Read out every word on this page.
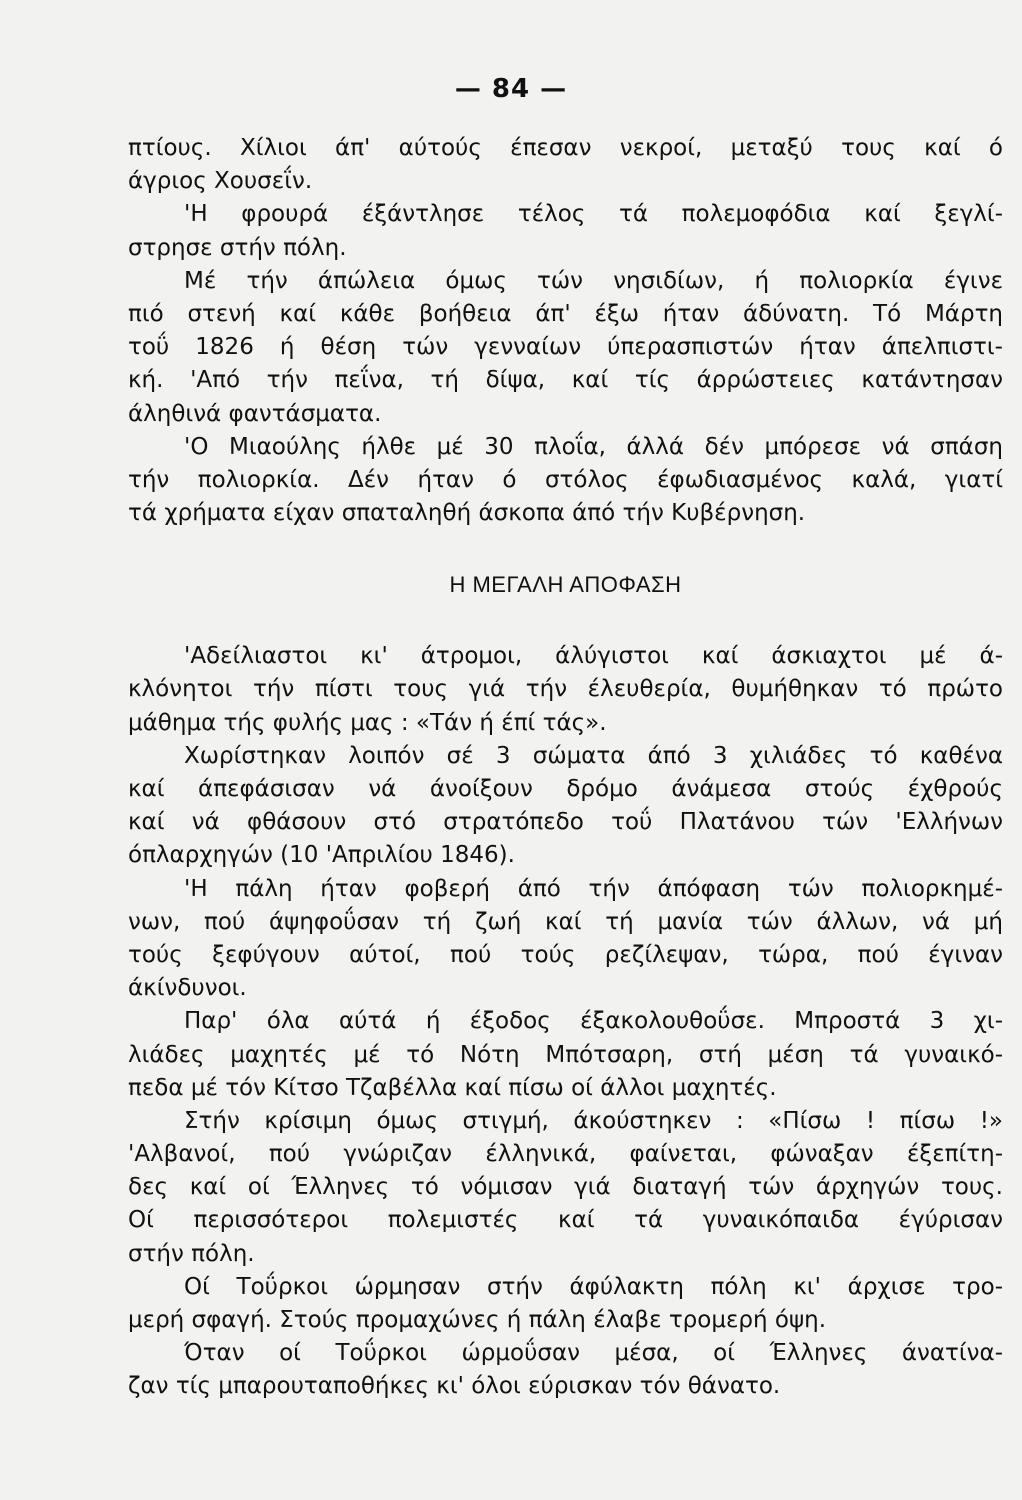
— 84 —
πτίους. Χίλιοι άπ' αύτούς έπεσαν νεκροί, μεταξύ τους καί ό
άγριος Χουσεΐν.
'Η φρουρά έξάντλησε τέλος τά πολεμοφόδια καί ξεγλί-
στρησε στήν πόλη.
Μέ τήν άπώλεια όμως τών νησιδίων, ή πολιορκία έγινε
πιό στενή καί κάθε βοήθεια άπ' έξω ήταν άδύνατη. Τό Μάρτη
τοΰ 1826 ή θέση τών γενναίων ύπερασπιστών ήταν άπελπιστι-
κή. 'Από τήν πεΐνα, τή δίψα, καί τίς άρρώστειες κατάντησαν
άληθινά φαντάσματα.
'Ο Μιαούλης ήλθε μέ 30 πλοΐα, άλλά δέν μπόρεσε νά σπάση
τήν πολιορκία. Δέν ήταν ό στόλος έφωδιασμένος καλά, γιατί
τά χρήματα είχαν σπαταληθή άσκοπα άπό τήν Κυβέρνηση.
Η ΜΕΓΑΛΗ ΑΠΟΦΑΣΗ
'Αδείλιαστοι κι' άτρομοι, άλύγιστοι καί άσκιαχτοι μέ ά-
κλόνητοι τήν πίστι τους γιά τήν έλευθερία, θυμήθηκαν τό πρώτο
μάθημα τής φυλής μας : «Τάν ή έπί τάς».
Χωρίστηκαν λοιπόν σέ 3 σώματα άπό 3 χιλιάδες τό καθένα
καί άπεφάσισαν νά άνοίξουν δρόμο άνάμεσα στούς έχθρούς
καί νά φθάσουν στό στρατόπεδο τοΰ Πλατάνου τών 'Ελλήνων
όπλαρχηγών (10 'Απριλίου 1846).
'Η πάλη ήταν φοβερή άπό τήν άπόφαση τών πολιορκημέ-
νων, πού άψηφοΰσαν τή ζωή καί τή μανία τών άλλων, νά μή
τούς ξεφύγουν αύτοί, πού τούς ρεζίλεψαν, τώρα, πού έγιναν
άκίνδυνοι.
Παρ' όλα αύτά ή έξοδος έξακολουθοΰσε. Μπροστά 3 χι-
λιάδες μαχητές μέ τό Νότη Μπότσαρη, στή μέση τά γυναικό-
πεδα μέ τόν Κίτσο Τζαβέλλα καί πίσω οί άλλοι μαχητές.
Στήν κρίσιμη όμως στιγμή, άκούστηκεν : «Πίσω ! πίσω !»
'Αλβανοί, πού γνώριζαν έλληνικά, φαίνεται, φώναξαν έξεπίτη-
δες καί οί Έλληνες τό νόμισαν γιά διαταγή τών άρχηγών τους.
Οί περισσότεροι πολεμιστές καί τά γυναικόπαιδα έγύρισαν
στήν πόλη.
Οί Τοΰρκοι ώρμησαν στήν άφύλακτη πόλη κι' άρχισε τρο-
μερή σφαγή. Στούς προμαχώνες ή πάλη έλαβε τρομερή όψη.
Όταν οί Τοΰρκοι ώρμοΰσαν μέσα, οί Έλληνες άνατίνα-
ζαν τίς μπαρουταποθήκες κι' όλοι εύρισκαν τόν θάνατο.
